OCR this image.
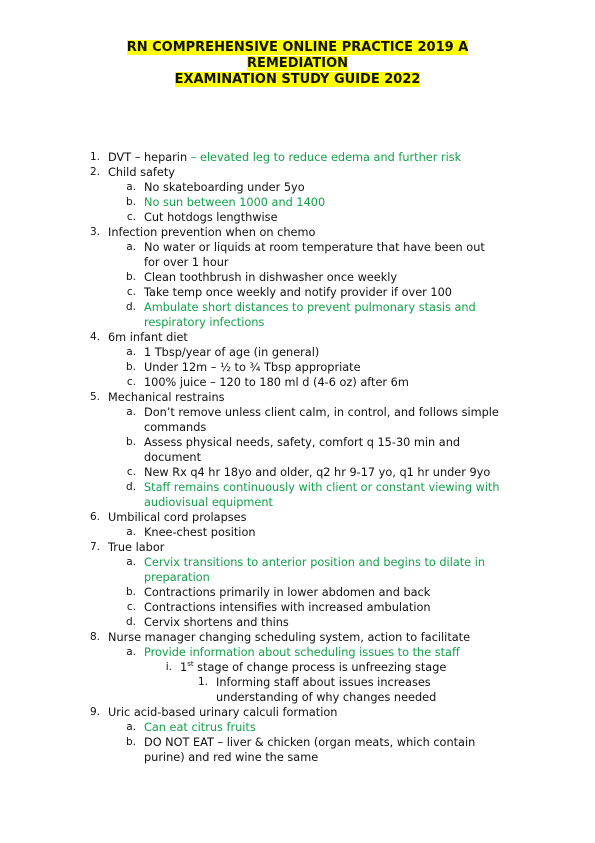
RN COMPREHENSIVE ONLINE PRACTICE 2019 A
REMEDIATION
EXAMINATION STUDY GUIDE 2022
1. DVT – heparin – elevated leg to reduce edema and further risk
2. Child safety
a. No skateboarding under 5yo
b. No sun between 1000 and 1400
c. Cut hotdogs lengthwise
3. Infection prevention when on chemo
a. No water or liquids at room temperature that have been out
for over 1 hour
b. Clean toothbrush in dishwasher once weekly
c. Take temp once weekly and notify provider if over 100
d. Ambulate short distances to prevent pulmonary stasis and
respiratory infections
4. 6m infant diet
a. 1 Tbsp/year of age (in general)
b. Under 12m – ½ to ¾ Tbsp appropriate
c. 100% juice – 120 to 180 ml d (4-6 oz) after 6m
5. Mechanical restrains
a. Don’t remove unless client calm, in control, and follows simple
commands
b. Assess physical needs, safety, comfort q 15-30 min and
document
c. New Rx q4 hr 18yo and older, q2 hr 9-17 yo, q1 hr under 9yo
d. Staff remains continuously with client or constant viewing with
audiovisual equipment
6. Umbilical cord prolapses
a. Knee-chest position
7. True labor
a. Cervix transitions to anterior position and begins to dilate in
preparation
b. Contractions primarily in lower abdomen and back
c. Contractions intensifies with increased ambulation
d. Cervix shortens and thins
8. Nurse manager changing scheduling system, action to facilitate
a. Provide information about scheduling issues to the staff
i. 1st stage of change process is unfreezing stage
1. Informing staff about issues increases
understanding of why changes needed
9. Uric acid-based urinary calculi formation
a. Can eat citrus fruits
b. DO NOT EAT – liver & chicken (organ meats, which contain
purine) and red wine the same
